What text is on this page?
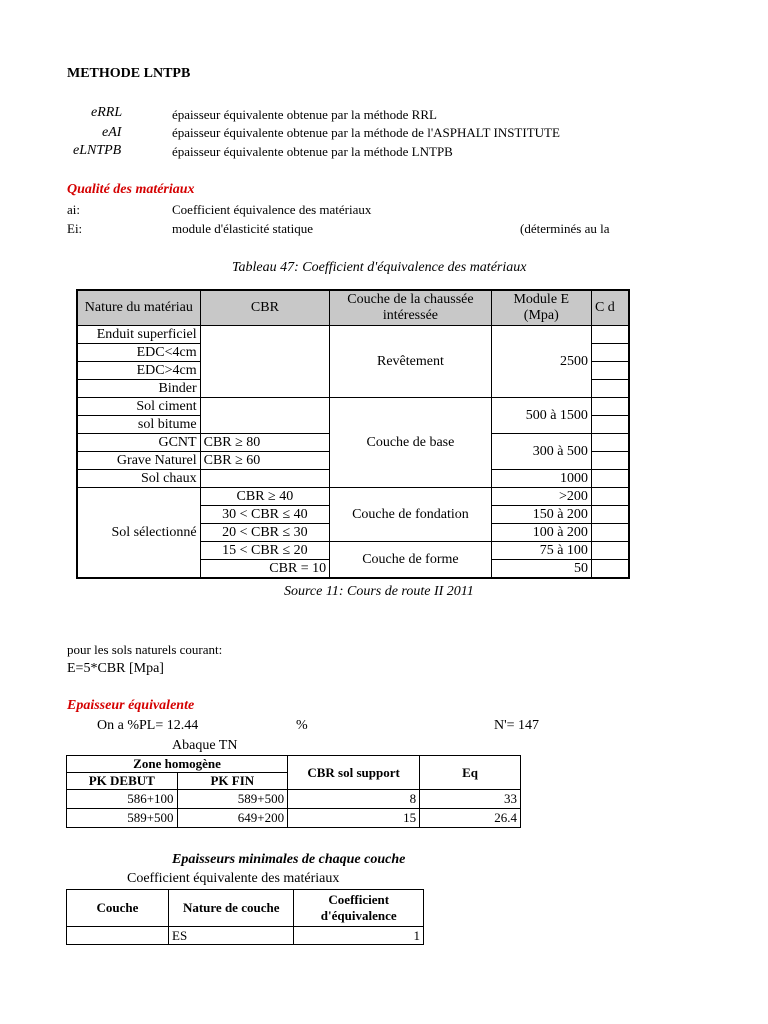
METHODE LNTPB
eRRL	épaisseur équivalente obtenue par la méthode RRL
eAI	épaisseur équivalente obtenue par la méthode de l'ASPHALT INSTITUTE
eLNTPB	épaisseur équivalente obtenue par la méthode LNTPB
Qualité des matériaux
ai:	Coefficient équivalence des matériaux
Ei:	module d'élasticité statique	(déterminés au la
Tableau 47: Coefficient d'équivalence des matériaux
Nature du matériau	CBR	Couche de la chaussée intéressée	Module E (Mpa)	C d
Enduit superficiel		Revêtement	2500	
EDC<4cm				
EDC>4cm				
Binder				
Sol ciment		Couche de base	500 à 1500	
sol bitume				
GCNT	CBR ≥ 80		300 à 500	
Grave Naturel	CBR ≥ 60			
Sol chaux			1000	
Sol sélectionné	CBR ≥ 40	Couche de fondation	>200	
	30 < CBR ≤ 40		150 à 200	
	20 < CBR ≤ 30		100 à 200	
	15 < CBR ≤ 20	Couche de forme	75 à 100	
	CBR = 10		50	
Source 11: Cours de route II 2011
pour les sols naturels courant:
E=5*CBR [Mpa]
Epaisseur équivalente
On a %PL= 12.44	%	N'= 147
Abaque TN
Zone homogène		CBR sol support	Eq
PK DEBUT	PK FIN		
586+100	589+500	8	33
589+500	649+200	15	26.4
Epaisseurs minimales de chaque couche
Coefficient équivalente des matériaux
Couche	Nature de couche	Coefficient d'équivalence
	ES	1
